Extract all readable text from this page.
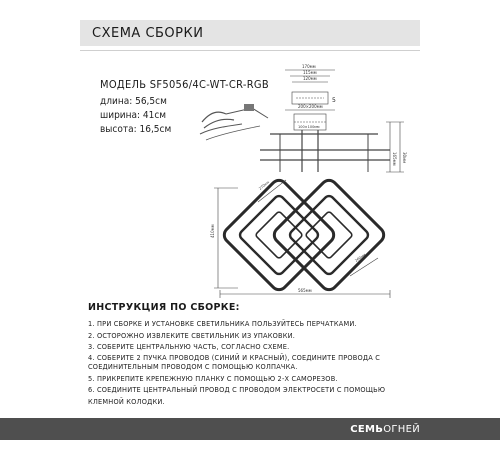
СХЕМА СБОРКИ
МОДЕЛЬ SF5056/4C-WT-CR-RGB
длина: 56,5см
ширина: 41см
высота: 16,5см
170мм
115мм
120мм
200×200мм
100×100мм
5
165мм 30мм
410мм
565мм
270мм
260мм
ИНСТРУКЦИЯ ПО СБОРКЕ:
1. ПРИ СБОРКЕ И УСТАНОВКЕ СВЕТИЛЬНИКА ПОЛЬЗУЙТЕСЬ ПЕРЧАТКАМИ.
2. ОСТОРОЖНО ИЗВЛЕКИТЕ СВЕТИЛЬНИК ИЗ УПАКОВКИ.
3. СОБЕРИТЕ ЦЕНТРАЛЬНУЮ ЧАСТЬ, СОГЛАСНО СХЕМЕ.
4. СОБЕРИТЕ 2 ПУЧКА ПРОВОДОВ (СИНИЙ И КРАСНЫЙ), СОЕДИНИТЕ ПРОВОДА С СОЕДИНИТЕЛЬНЫМ ПРОВОДОМ С ПОМОЩЬЮ КОЛПАЧКА.
5. ПРИКРЕПИТЕ КРЕПЕЖНУЮ ПЛАНКУ С ПОМОЩЬЮ 2-Х САМОРЕЗОВ.
6. СОЕДИНИТЕ ЦЕНТРАЛЬНЫЙ ПРОВОД С ПРОВОДОМ ЭЛЕКТРОСЕТИ С ПОМОЩЬЮ КЛЕМНОЙ КОЛОДКИ.
СЕМЬОГНЕЙ
